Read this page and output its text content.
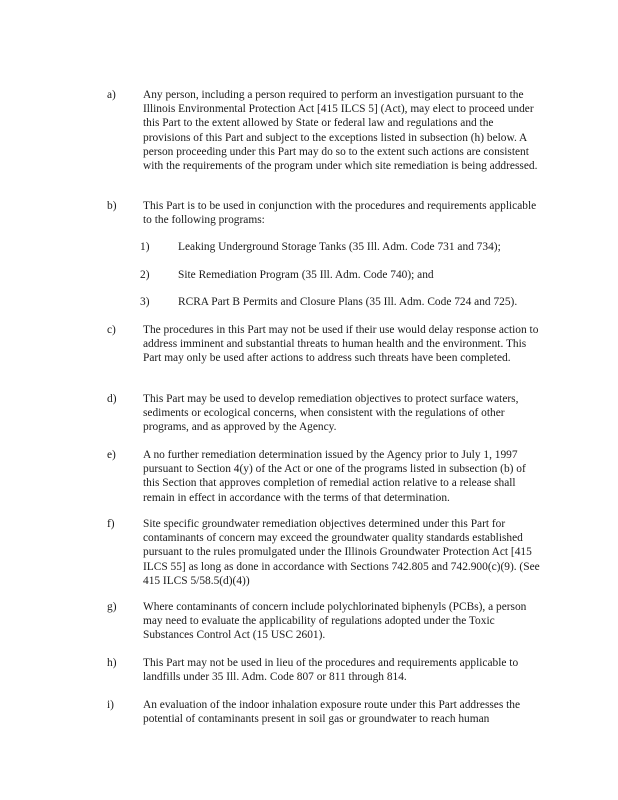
a) Any person, including a person required to perform an investigation pursuant to the Illinois Environmental Protection Act [415 ILCS 5] (Act), may elect to proceed under this Part to the extent allowed by State or federal law and regulations and the provisions of this Part and subject to the exceptions listed in subsection (h) below. A person proceeding under this Part may do so to the extent such actions are consistent with the requirements of the program under which site remediation is being addressed.
b) This Part is to be used in conjunction with the procedures and requirements applicable to the following programs:
1)	Leaking Underground Storage Tanks (35 Ill. Adm. Code 731 and 734);
2)	Site Remediation Program (35 Ill. Adm. Code 740); and
3)	RCRA Part B Permits and Closure Plans (35 Ill. Adm. Code 724 and 725).
c) The procedures in this Part may not be used if their use would delay response action to address imminent and substantial threats to human health and the environment. This Part may only be used after actions to address such threats have been completed.
d) This Part may be used to develop remediation objectives to protect surface waters, sediments or ecological concerns, when consistent with the regulations of other programs, and as approved by the Agency.
e) A no further remediation determination issued by the Agency prior to July 1, 1997 pursuant to Section 4(y) of the Act or one of the programs listed in subsection (b) of this Section that approves completion of remedial action relative to a release shall remain in effect in accordance with the terms of that determination.
f) Site specific groundwater remediation objectives determined under this Part for contaminants of concern may exceed the groundwater quality standards established pursuant to the rules promulgated under the Illinois Groundwater Protection Act [415 ILCS 55] as long as done in accordance with Sections 742.805 and 742.900(c)(9). (See 415 ILCS 5/58.5(d)(4))
g) Where contaminants of concern include polychlorinated biphenyls (PCBs), a person may need to evaluate the applicability of regulations adopted under the Toxic Substances Control Act (15 USC 2601).
h) This Part may not be used in lieu of the procedures and requirements applicable to landfills under 35 Ill. Adm. Code 807 or 811 through 814.
i)	An evaluation of the indoor inhalation exposure route under this Part addresses the potential of contaminants present in soil gas or groundwater to reach human
